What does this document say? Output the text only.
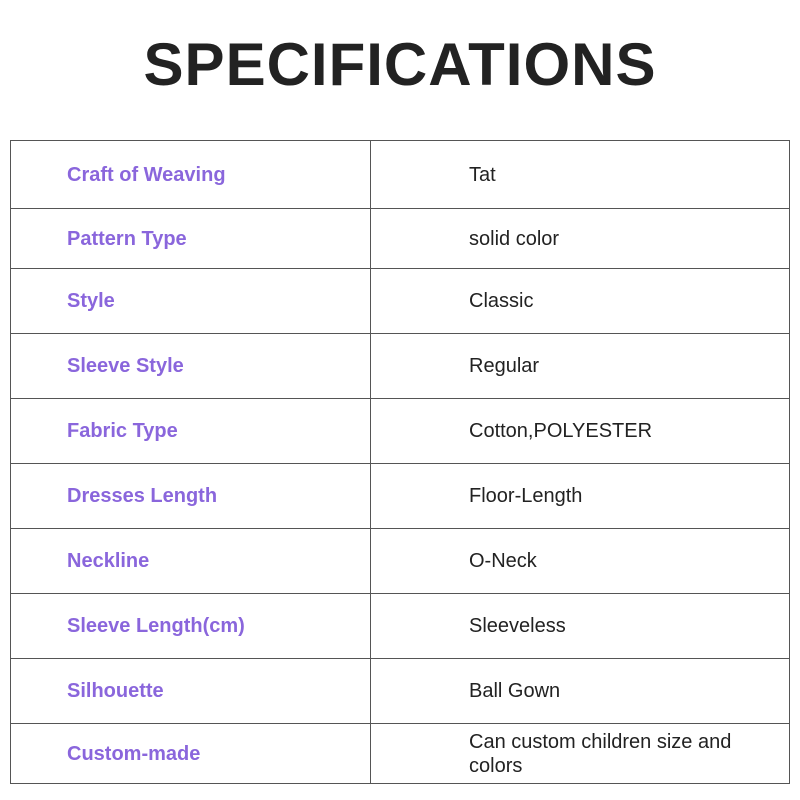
SPECIFICATIONS
Craft of Weaving	Tat
Pattern Type	solid color
Style	Classic
Sleeve Style	Regular
Fabric Type	Cotton,POLYESTER
Dresses Length	Floor-Length
Neckline	O-Neck
Sleeve Length(cm)	Sleeveless
Silhouette	Ball Gown
Custom-made	Can custom children size and colors
